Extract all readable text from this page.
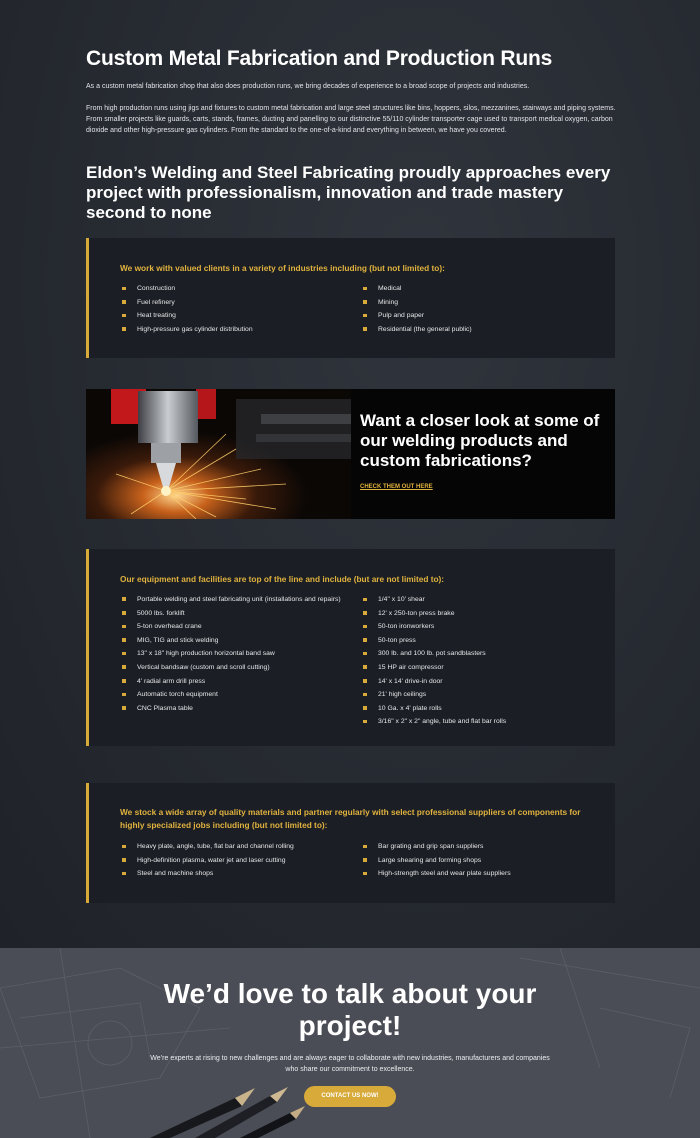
Custom Metal Fabrication and Production Runs

As a custom metal fabrication shop that also does production runs, we bring decades of experience to a broad scope of projects and industries.

From high production runs using jigs and fixtures to custom metal fabrication and large steel structures like bins, hoppers, silos, mezzanines, stairways and piping systems. From smaller projects like guards, carts, stands, frames, ducting and panelling to our distinctive 55/110 cylinder transporter cage used to transport medical oxygen, carbon dioxide and other high-pressure gas cylinders. From the standard to the one-of-a-kind and everything in between, we have you covered.

Eldon’s Welding and Steel Fabricating proudly approaches every project with professionalism, innovation and trade mastery second to none
We work with valued clients in a variety of industries including (but not limited to):
Construction
Fuel refinery
Heat treating
High-pressure gas cylinder distribution
Medical
Mining
Pulp and paper
Residential (the general public)
Want a closer look at some of our welding products and custom fabrications?
CHECK THEM OUT HERE
Our equipment and facilities are top of the line and include (but are not limited to):
Portable welding and steel fabricating unit (installations and repairs)
5000 lbs. forklift
5-ton overhead crane
MIG, TIG and stick welding
13" x 18" high production horizontal band saw
Vertical bandsaw (custom and scroll cutting)
4' radial arm drill press
Automatic torch equipment
CNC Plasma table
1/4" x 10' shear
12' x 250-ton press brake
50-ton ironworkers
50-ton press
300 lb. and 100 lb. pot sandblasters
15 HP air compressor
14' x 14' drive-in door
21' high ceilings
10 Ga. x 4' plate rolls
3/16" x 2" x 2" angle, tube and flat bar rolls
We stock a wide array of quality materials and partner regularly with select professional suppliers of components for highly specialized jobs including (but not limited to):
Heavy plate, angle, tube, flat bar and channel rolling
High-definition plasma, water jet and laser cutting
Steel and machine shops
Bar grating and grip span suppliers
Large shearing and forming shops
High-strength steel and wear plate suppliers
We’d love to talk about your project!

We’re experts at rising to new challenges and are always eager to collaborate with new industries, manufacturers and companies who share our commitment to excellence.

CONTACT US NOW!
